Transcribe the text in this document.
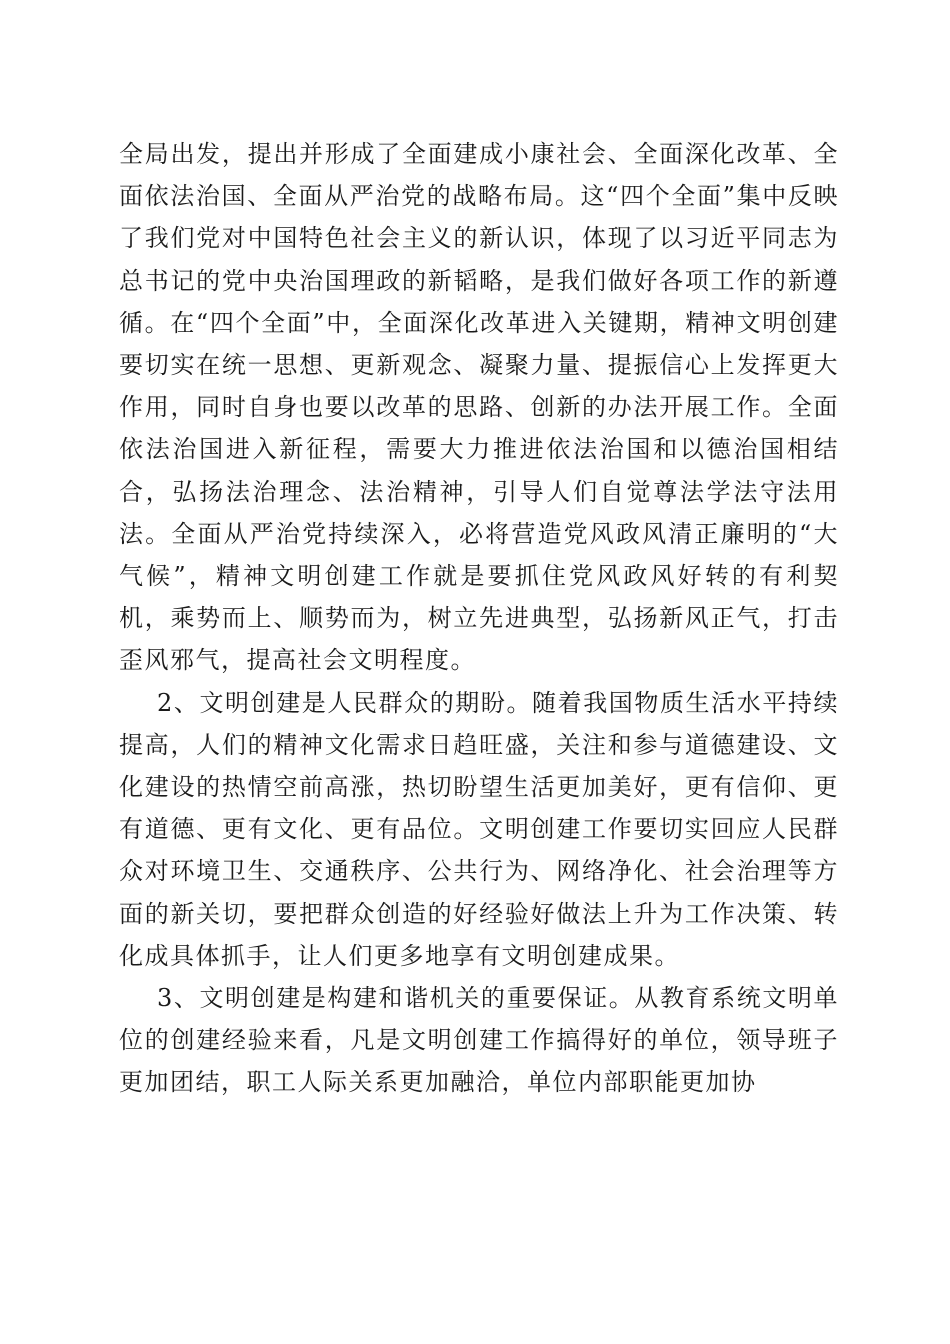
全局出发，提出并形成了全面建成小康社会、全面深化改革、全面依法治国、全面从严治党的战略布局。这“四个全面”集中反映了我们党对中国特色社会主义的新认识，体现了以习近平同志为总书记的党中央治国理政的新韬略，是我们做好各项工作的新遵循。在“四个全面”中，全面深化改革进入关键期，精神文明创建要切实在统一思想、更新观念、凝聚力量、提振信心上发挥更大作用，同时自身也要以改革的思路、创新的办法开展工作。全面依法治国进入新征程，需要大力推进依法治国和以德治国相结合，弘扬法治理念、法治精神，引导人们自觉尊法学法守法用法。全面从严治党持续深入，必将营造党风政风清正廉明的“大气候”，精神文明创建工作就是要抓住党风政风好转的有利契机，乘势而上、顺势而为，树立先进典型，弘扬新风正气，打击歪风邪气，提高社会文明程度。

2、文明创建是人民群众的期盼。随着我国物质生活水平持续提高，人们的精神文化需求日趋旺盛，关注和参与道德建设、文化建设的热情空前高涨，热切盼望生活更加美好，更有信仰、更有道德、更有文化、更有品位。文明创建工作要切实回应人民群众对环境卫生、交通秩序、公共行为、网络净化、社会治理等方面的新关切，要把群众创造的好经验好做法上升为工作决策、转化成具体抓手，让人们更多地享有文明创建成果。

3、文明创建是构建和谐机关的重要保证。从教育系统文明单位的创建经验来看，凡是文明创建工作搞得好的单位，领导班子更加团结，职工人际关系更加融洽，单位内部职能更加协
